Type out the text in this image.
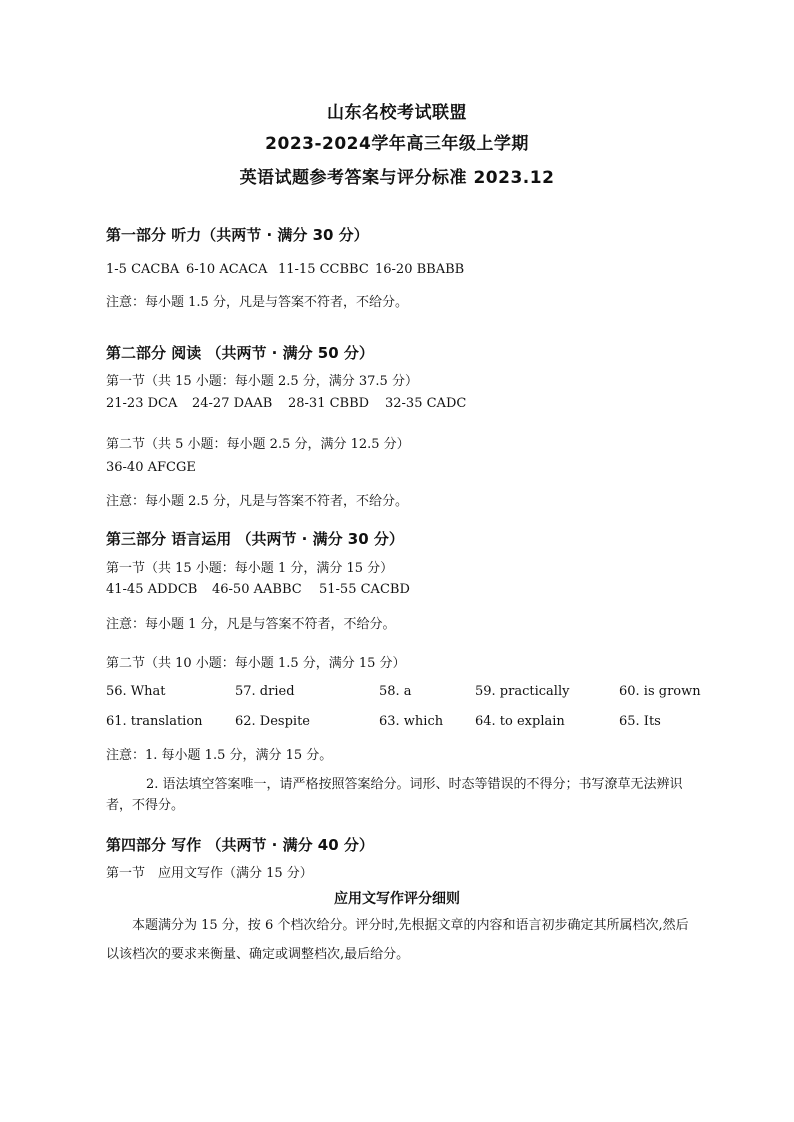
山东名校考试联盟
2023-2024学年高三年级上学期
英语试题参考答案与评分标准 2023.12
第一部分 听力（共两节 · 满分 30 分）
1-5 CACBA 6-10 ACACA 11-15 CCBBC 16-20 BBABB
注意：每小题 1.5 分，凡是与答案不符者，不给分。
第二部分 阅读 （共两节 · 满分 50 分）
第一节（共 15 小题：每小题 2.5 分，满分 37.5 分）
21-23 DCA 24-27 DAAB 28-31 CBBD 32-35 CADC
第二节（共 5 小题：每小题 2.5 分，满分 12.5 分）
36-40 AFCGE
注意：每小题 2.5 分，凡是与答案不符者，不给分。
第三部分 语言运用 （共两节 · 满分 30 分）
第一节（共 15 小题：每小题 1 分，满分 15 分）
41-45 ADDCB 46-50 AABBC 51-55 CACBD
注意：每小题 1 分，凡是与答案不符者，不给分。
第二节（共 10 小题：每小题 1.5 分，满分 15 分）
56. What	57. dried	58. a	59. practically	60. is grown
61. translation 62. Despite	63. which 64. to explain	65. Its
注意：1. 每小题 1.5 分，满分 15 分。
2. 语法填空答案唯一，请严格按照答案给分。词形、时态等错误的不得分；书写潦草无法辨识者，不得分。
第四部分 写作 （共两节 · 满分 40 分）
第一节　应用文写作（满分 15 分）
应用文写作评分细则
本题满分为 15 分，按 6 个档次给分。评分时,先根据文章的内容和语言初步确定其所属档次,然后以该档次的要求来衡量、确定或调整档次,最后给分。
